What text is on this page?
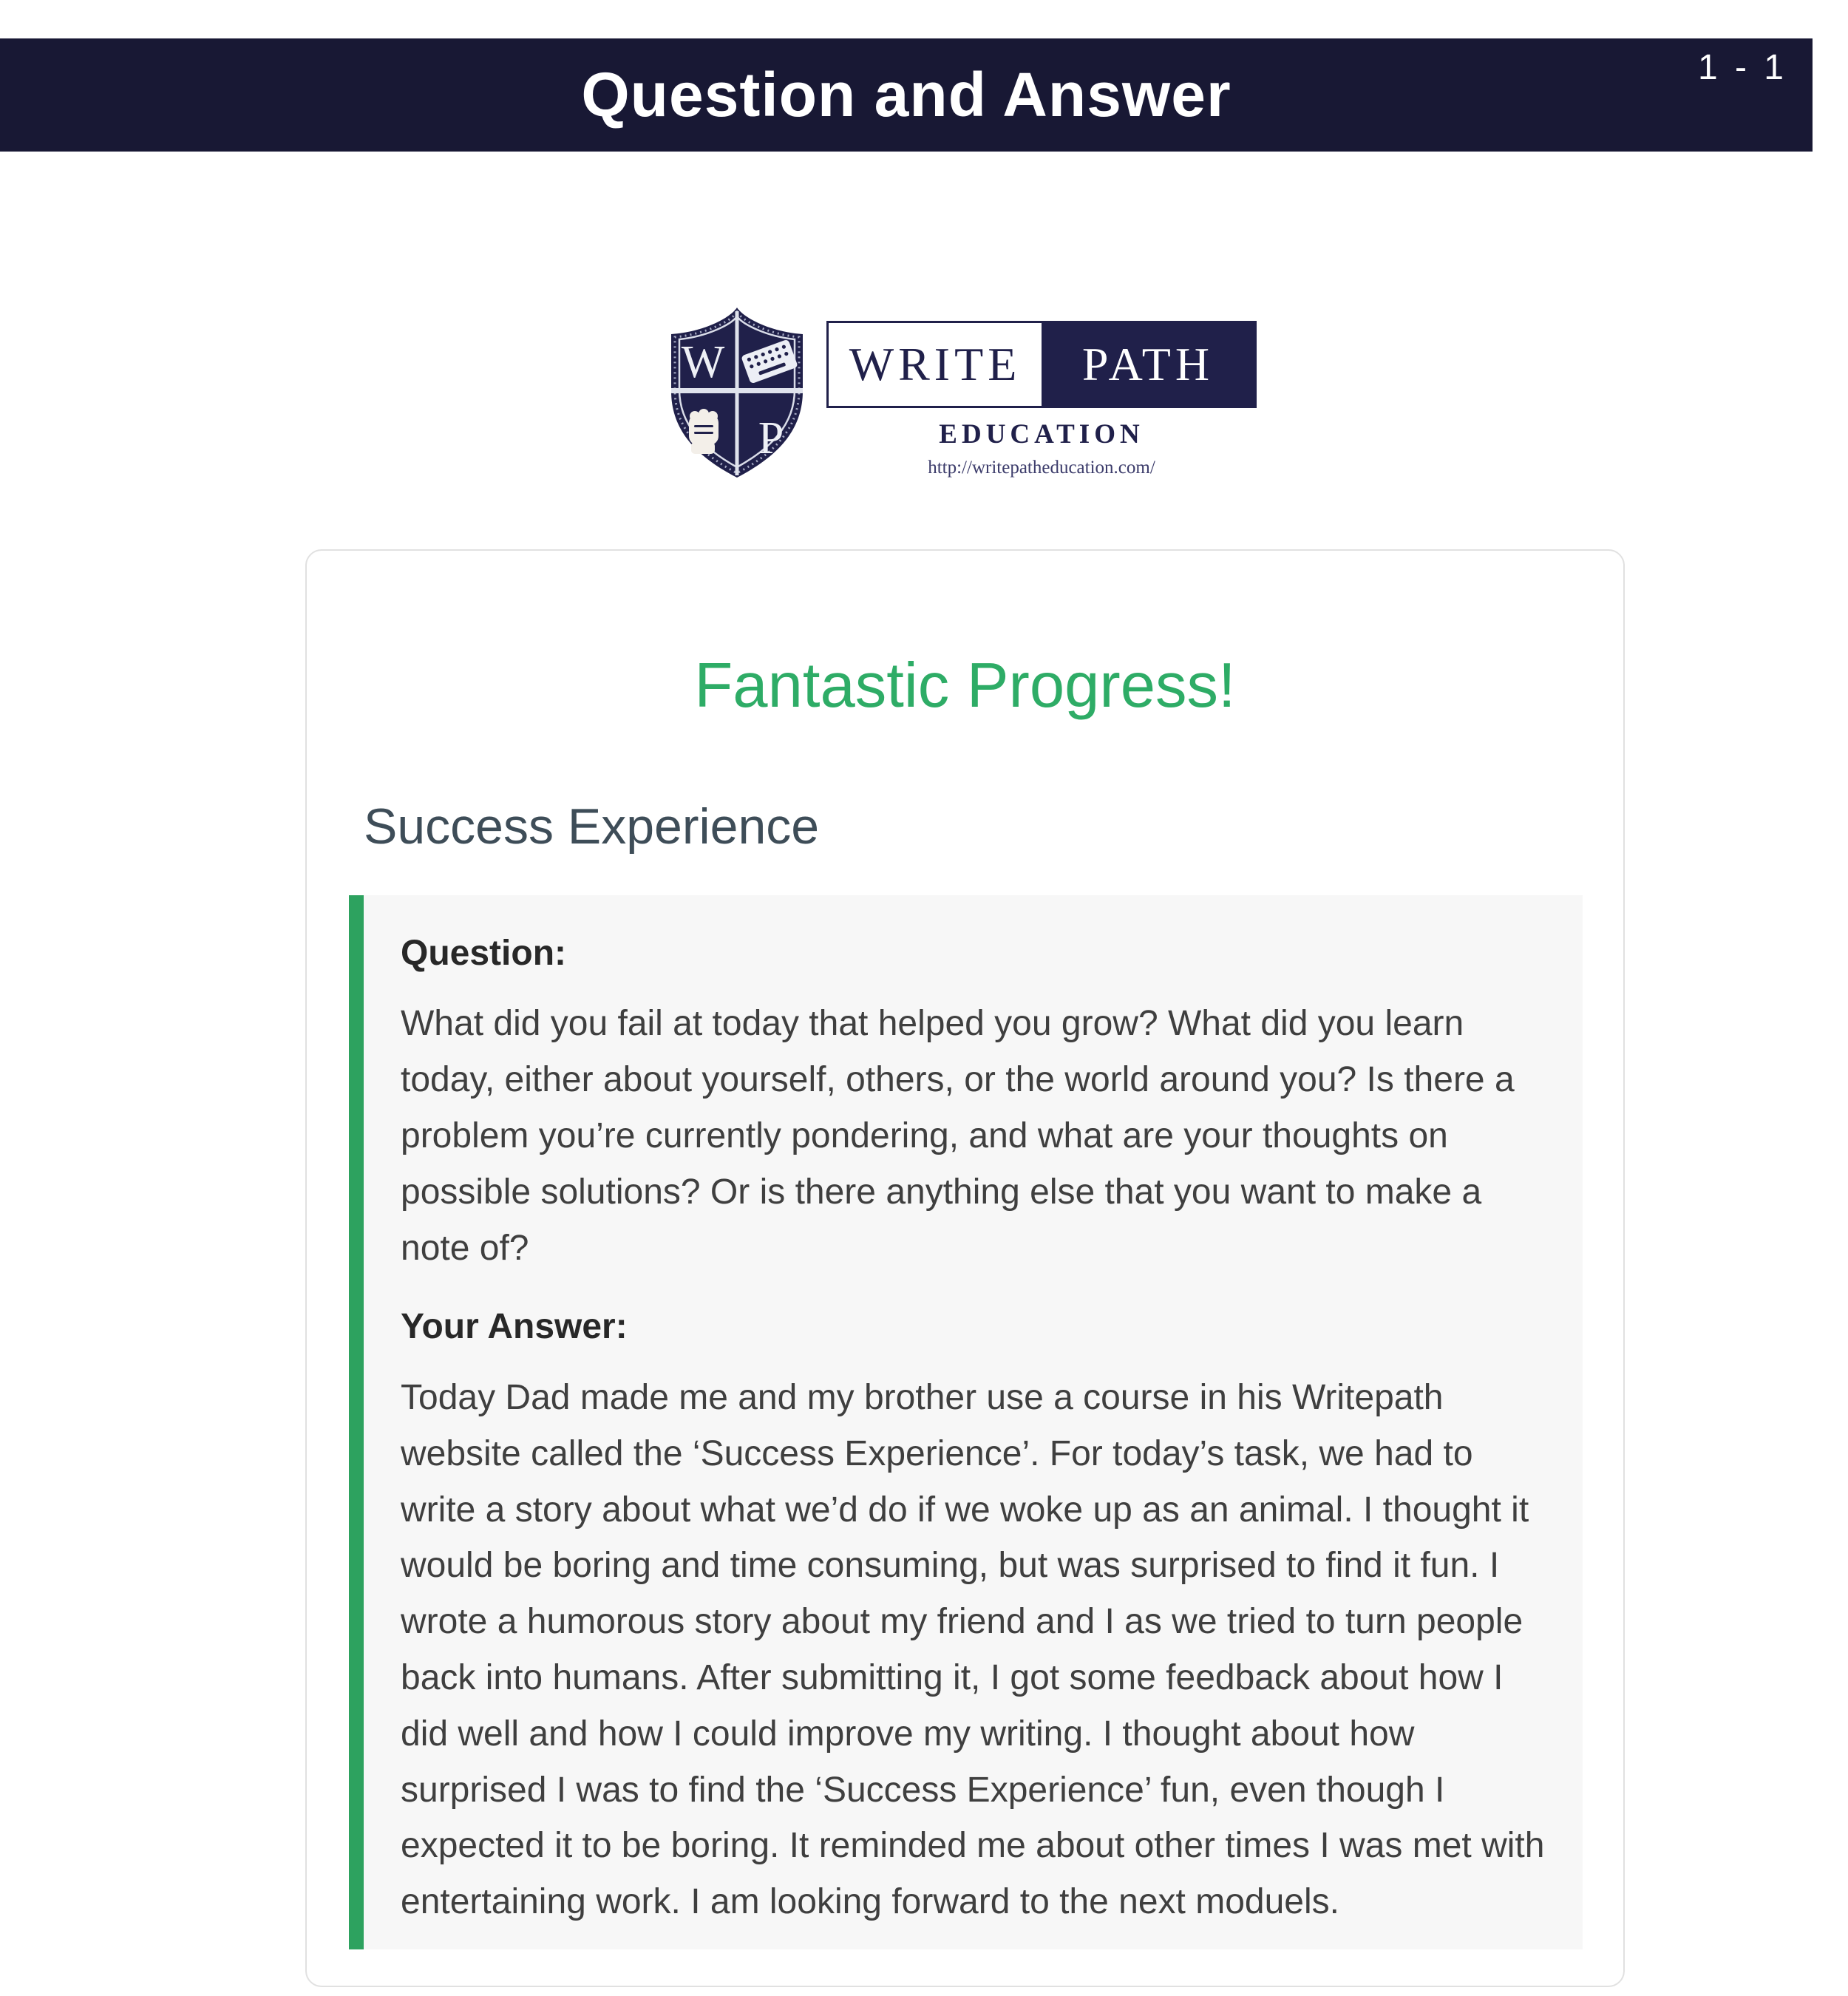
Question and Answer	1 - 1
W
P
WRITE	PATH
EDUCATION
http://writepatheducation.com/
Fantastic Progress!
Success Experience
Question:

What did you fail at today that helped you grow? What did you learn today, either about yourself, others, or the world around you? Is there a problem you’re currently pondering, and what are your thoughts on possible solutions? Or is there anything else that you want to make a note of?

Your Answer:

Today Dad made me and my brother use a course in his Writepath website called the ‘Success Experience’. For today’s task, we had to write a story about what we’d do if we woke up as an animal. I thought it would be boring and time consuming, but was surprised to find it fun. I wrote a humorous story about my friend and I as we tried to turn people back into humans. After submitting it, I got some feedback about how I did well and how I could improve my writing. I thought about how surprised I was to find the ‘Success Experience’ fun, even though I expected it to be boring. It reminded me about other times I was met with entertaining work. I am looking forward to the next moduels.
